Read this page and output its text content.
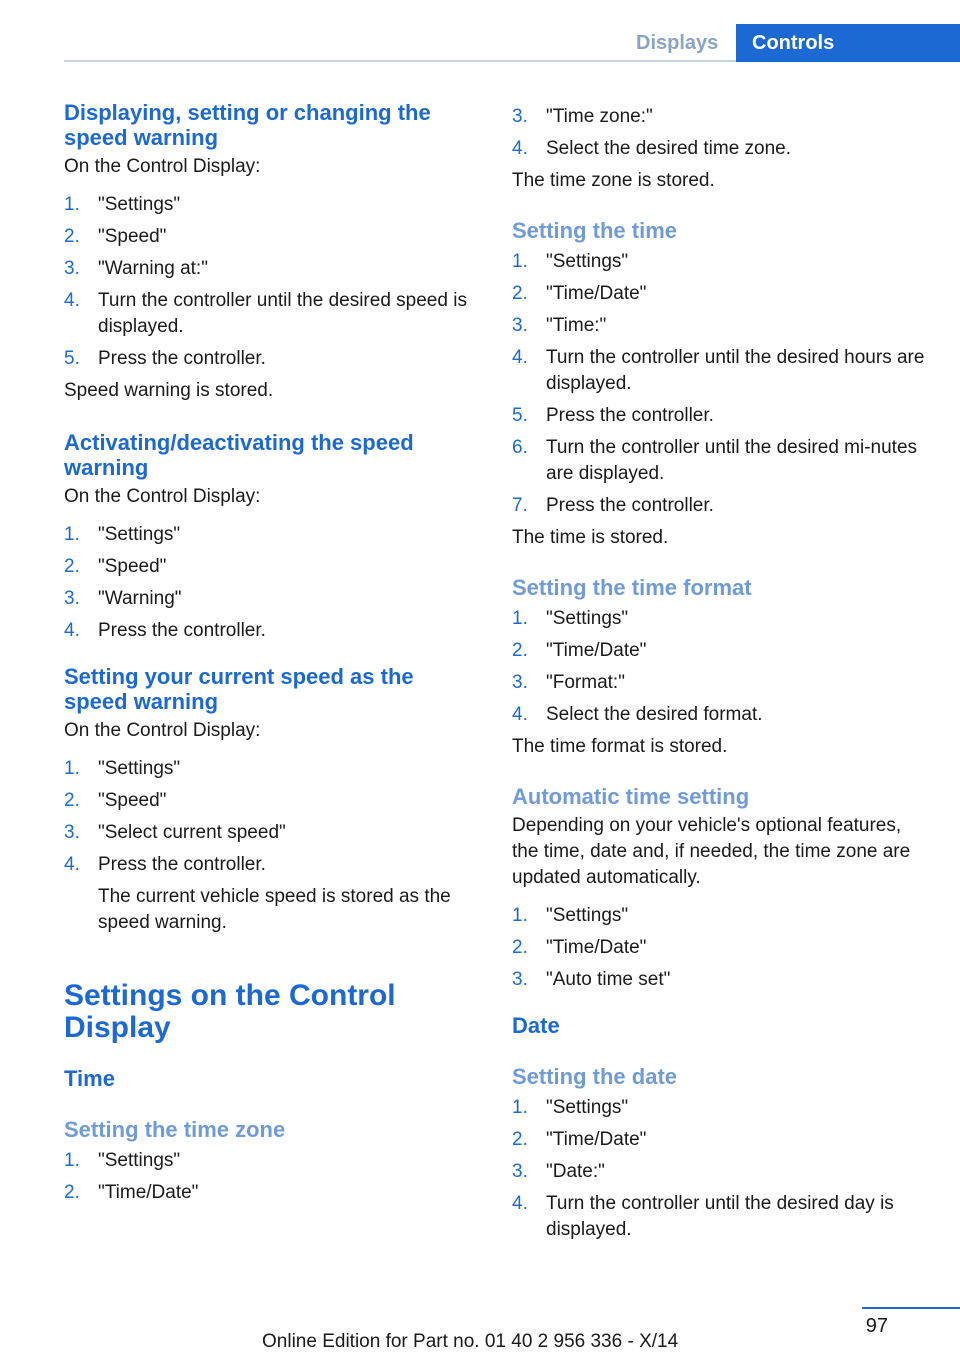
Displays	Controls
Displaying, setting or changing the speed warning

On the Control Display:

1. "Settings"
2. "Speed"
3. "Warning at:"
4. Turn the controller until the desired speed is displayed.
5. Press the controller.

Speed warning is stored.

Activating/deactivating the speed warning

On the Control Display:

1. "Settings"
2. "Speed"
3. "Warning"
4. Press the controller.
Setting your current speed as the speed warning

On the Control Display:

1. "Settings"
2. "Speed"
3. "Select current speed"
4. Press the controller.

The current vehicle speed is stored as the speed warning.

Settings on the Control Display
Time
Setting the time zone
1. "Settings"
2. "Time/Date"
3. "Time zone:"
4. Select the desired time zone.

The time zone is stored.

Setting the time
1. "Settings"
2. "Time/Date"
3. "Time:"
4. Turn the controller until the desired hours are displayed.
5. Press the controller.
6. Turn the controller until the desired mi‐nutes are displayed.
7. Press the controller.

The time is stored.

Setting the time format
1. "Settings"
2. "Time/Date"
3. "Format:"
4. Select the desired format.

The time format is stored.

Automatic time setting

Depending on your vehicle's optional features, the time, date and, if needed, the time zone are updated automatically.

1. "Settings"
2. "Time/Date"
3. "Auto time set"
Date
Setting the date
1. "Settings"
2. "Time/Date"
3. "Date:"
4. Turn the controller until the desired day is displayed.
97
Online Edition for Part no. 01 40 2 956 336 - X/14
